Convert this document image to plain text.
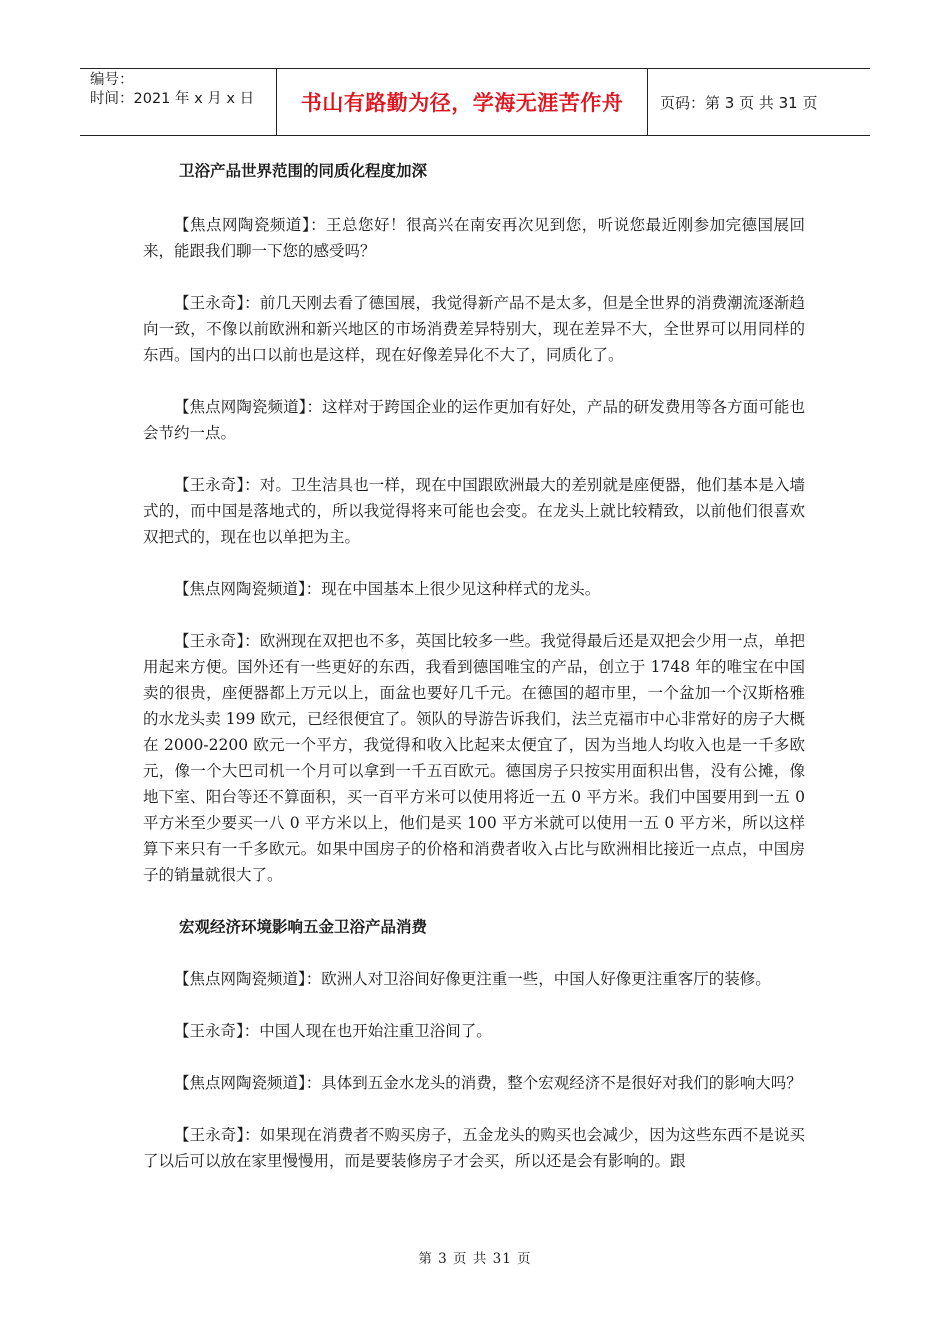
编号：
时间：2021 年 x 月 x 日	书山有路勤为径，学海无涯苦作舟	页码：第 3 页 共 31 页

卫浴产品世界范围的同质化程度加深

【焦点网陶瓷频道】：王总您好！很高兴在南安再次见到您，听说您最近刚参加完德国展回来，能跟我们聊一下您的感受吗？

【王永奇】：前几天刚去看了德国展，我觉得新产品不是太多，但是全世界的消费潮流逐渐趋向一致，不像以前欧洲和新兴地区的市场消费差异特别大，现在差异不大，全世界可以用同样的东西。国内的出口以前也是这样，现在好像差异化不大了，同质化了。

【焦点网陶瓷频道】：这样对于跨国企业的运作更加有好处，产品的研发费用等各方面可能也会节约一点。

【王永奇】：对。卫生洁具也一样，现在中国跟欧洲最大的差别就是座便器，他们基本是入墙式的，而中国是落地式的，所以我觉得将来可能也会变。在龙头上就比较精致，以前他们很喜欢双把式的，现在也以单把为主。

【焦点网陶瓷频道】：现在中国基本上很少见这种样式的龙头。

【王永奇】：欧洲现在双把也不多，英国比较多一些。我觉得最后还是双把会少用一点，单把用起来方便。国外还有一些更好的东西，我看到德国唯宝的产品，创立于 1748 年的唯宝在中国卖的很贵，座便器都上万元以上，面盆也要好几千元。在德国的超市里，一个盆加一个汉斯格雅的水龙头卖 199 欧元，已经很便宜了。领队的导游告诉我们，法兰克福市中心非常好的房子大概在 2000-2200 欧元一个平方，我觉得和收入比起来太便宜了，因为当地人均收入也是一千多欧元，像一个大巴司机一个月可以拿到一千五百欧元。德国房子只按实用面积出售，没有公摊，像地下室、阳台等还不算面积，买一百平方米可以使用将近一五 0 平方米。我们中国要用到一五 0 平方米至少要买一八 0 平方米以上，他们是买 100 平方米就可以使用一五 0 平方米，所以这样算下来只有一千多欧元。如果中国房子的价格和消费者收入占比与欧洲相比接近一点点，中国房子的销量就很大了。

宏观经济环境影响五金卫浴产品消费

【焦点网陶瓷频道】：欧洲人对卫浴间好像更注重一些，中国人好像更注重客厅的装修。

【王永奇】：中国人现在也开始注重卫浴间了。

【焦点网陶瓷频道】：具体到五金水龙头的消费，整个宏观经济不是很好对我们的影响大吗？

【王永奇】：如果现在消费者不购买房子，五金龙头的购买也会减少，因为这些东西不是说买了以后可以放在家里慢慢用，而是要装修房子才会买，所以还是会有影响的。跟

第 3 页 共 31 页
